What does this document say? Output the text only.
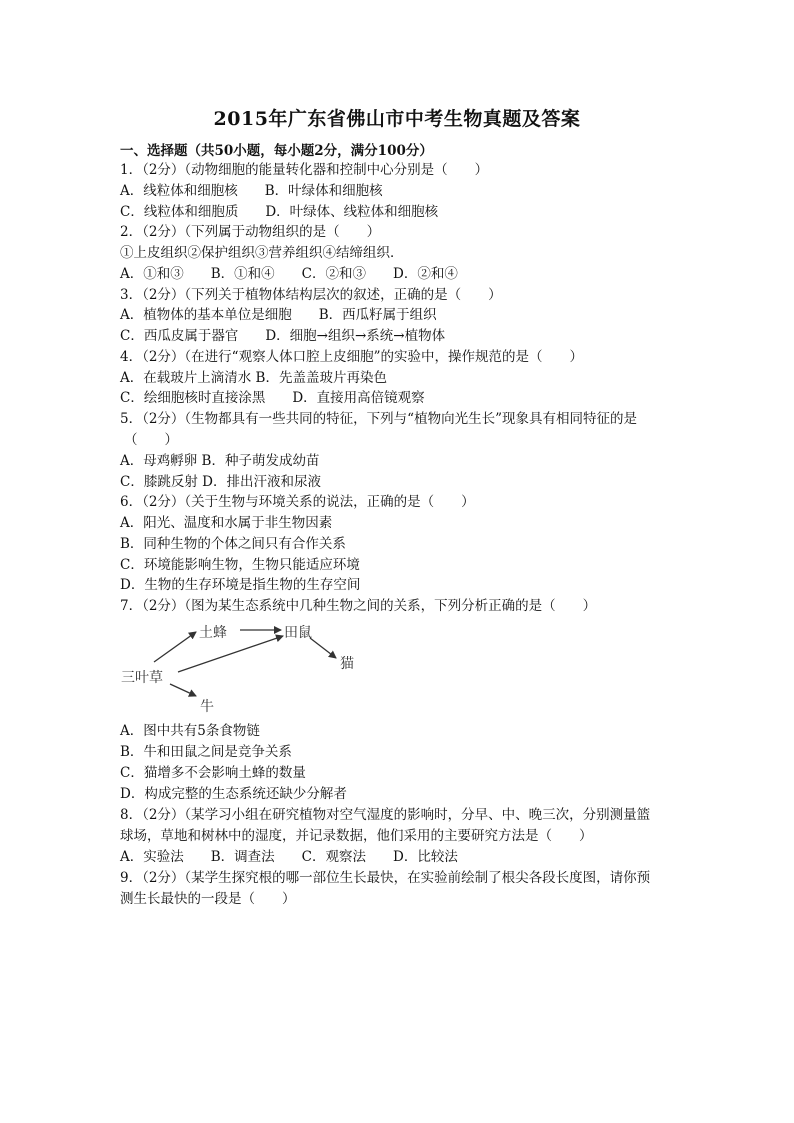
2015年广东省佛山市中考生物真题及答案
一、选择题（共50小题，每小题2分，满分100分）
1．（2分）（动物细胞的能量转化器和控制中心分别是（　　）
A．线粒体和细胞核　　B．叶绿体和细胞核
C．线粒体和细胞质　　D．叶绿体、线粒体和细胞核
2．（2分）（下列属于动物组织的是（　　）
①上皮组织②保护组织③营养组织④结缔组织．
A．①和③　　B．①和④　　C．②和③　　D．②和④
3．（2分）（下列关于植物体结构层次的叙述，正确的是（　　）
A．植物体的基本单位是细胞　　B．西瓜籽属于组织
C．西瓜皮属于器官　　D．细胞→组织→系统→植物体
4．（2分）（在进行“观察人体口腔上皮细胞”的实验中，操作规范的是（　　）
A．在载玻片上滴清水 B．先盖盖玻片再染色
C．绘细胞核时直接涂黑　　D．直接用高倍镜观察
5．（2分）（生物都具有一些共同的特征，下列与“植物向光生长”现象具有相同特征的是
（　　）
A．母鸡孵卵 B．种子萌发成幼苗
C．膝跳反射 D．排出汗液和尿液
6．（2分）（关于生物与环境关系的说法，正确的是（　　）
A．阳光、温度和水属于非生物因素
B．同种生物的个体之间只有合作关系
C．环境能影响生物，生物只能适应环境
D．生物的生存环境是指生物的生存空间
7．（2分）（图为某生态系统中几种生物之间的关系，下列分析正确的是（　　）
土蜂	田鼠
猫
三叶草
牛
A．图中共有5条食物链
B．牛和田鼠之间是竞争关系
C．猫增多不会影响土蜂的数量
D．构成完整的生态系统还缺少分解者
8．（2分）（某学习小组在研究植物对空气湿度的影响时，分早、中、晚三次，分别测量篮
球场，草地和树林中的湿度，并记录数据，他们采用的主要研究方法是（　　）
A．实验法　　B．调查法　　C．观察法　　D．比较法
9．（2分）（某学生探究根的哪一部位生长最快，在实验前绘制了根尖各段长度图，请你预
测生长最快的一段是（　　）
